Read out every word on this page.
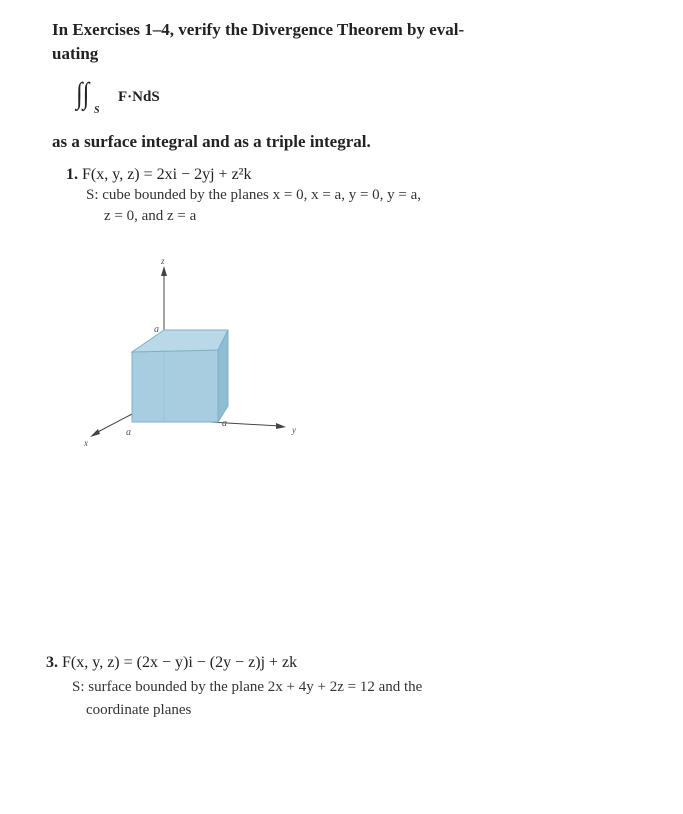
In Exercises 1–4, verify the Divergence Theorem by eval-
uating
∫∫
S
F·NdS
as a surface integral and as a triple integral.
1. F(x, y, z) = 2xi − 2yj + z²k
S: cube bounded by the planes x = 0, x = a, y = 0, y = a,
z = 0, and z = a
z
x
y
a
a
a
3. F(x, y, z) = (2x − y)i − (2y − z)j + zk
S: surface bounded by the plane 2x + 4y + 2z = 12 and the
coordinate planes
